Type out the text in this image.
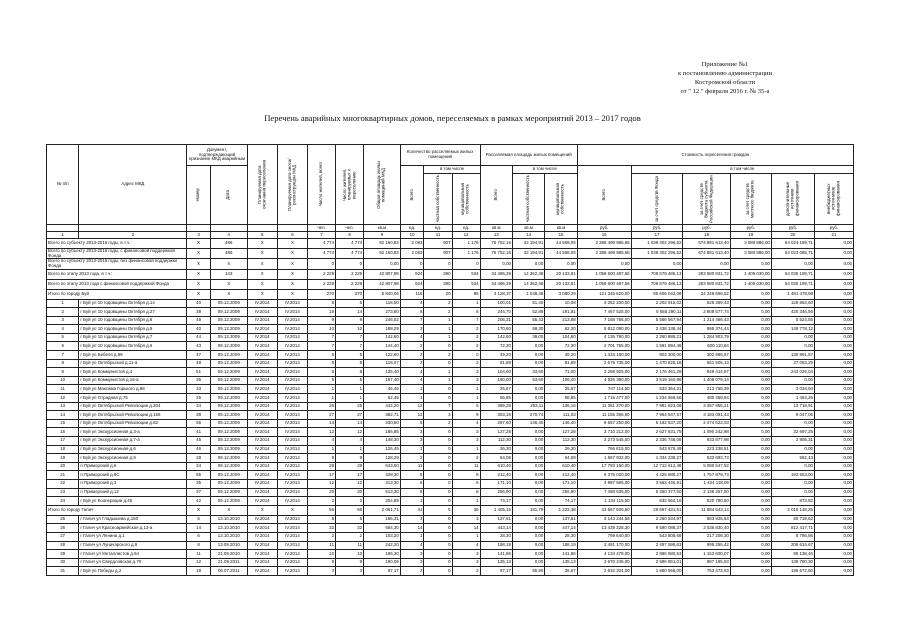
Приложение №1
к постановлению администрации
Костромской области
от " 12 " февраля 2016 г. № 35-а
Перечень аварийных многоквартирных домов, переселяемых в рамках мероприятий 2013 – 2017 годов
№ п/п	Адрес МКД	Документ, подтверждающий признание МКД аварийным		Планируемая дата окончания переселения	Планируемая дата сноса/ реконструкции МКД	Число жителей, всего	Число жителей, планируемых к переселению	Общая площадь жилых помещений МКД	Количество расселяемых жилых помещений			Расселяемая площадь жилых помещений			Стоимость переселения граждан					

		Номер	Дата						Всего	в том числе		Всего	в том числе		Всего	в том числе				

										частная собственность	муниципальная собственность		частная собственность	муниципальная собственность		за счет средств Фонда	за счет средств бюджета субъекта Российской Федерации	за счет средств местного бюджета	дополнительные источники финансирования	внебюджетных источников финансирования

						чел.	чел.	кв.м	ед.	ед.	ед.	кв.м	кв.м	кв.м	руб.	руб.	руб.	руб.	руб.	руб.
1	2	3	4	5	6	7	8	9	10	11	12	13	14	15	16	17	18	19	20	21
Всего по субъекту 2013-2016 годы, в т.ч.:		X	486	X	X	4 774	4 774	92 160,83	2 083	907	1 176	76 752,16	32 194,91	44 558,05	2 388 499 985,68	1 038 302 296,52	674 881 613,40	3 080 886,00	64 024 189,71	0,00
Всего по субъекту 2013-2016 годы, с финансовой поддержкой Фонда		X	486	X	X	4 774	4 774	92 160,83	2 083	907	1 176	76 752,16	32 194,91	44 558,05	2 388 499 985,68	1 038 302 296,52	674 881 613,40	3 080 886,00	64 023 085,71	0,00
Всего по субъекту 2013-2016 годы, без финансовой поддержки Фонда		X	X	X	X	0	0	0,00	0	0	0	0,00	0,00	0,00	0,00	0,00	0,00	0,00	0,00	0,00
Всего по этапу 2013 года, в т.ч.:		X	143	X	X	2 229	2 229	42 807,98	924	390	534	34 496,29	14 362,48	20 133,81	1 058 600 487,56	709 579 486,13	283 580 831,72	1 405 030,00	64 035 189,71	0,00
Всего по этапу 2013 года с финансовой поддержкой Фонда		X	X	X	X	2 229	2 229	42 807,98	924	390	534	34 496,29	14 362,48	20 133,81	1 058 600 487,56	709 579 486,13	283 580 831,72	1 405 030,00	64 035 189,71	0,00
Итого по городу Буй		X	X	X	X	270	270	5 840,06	116	20	96	4 128,37	1 048,48	3 080,29	121 345 620,00	85 606 042,09	24 248 696,52	0,00	1 481 478,98	0,00
1	г Буй ул 10 годовщины Октября д.14	40	09.12.2009	IV.2014	IV.2014	6	6	118,50	4	2	1	100,01	51,40	10,08	3 352 200,00	2 202 915,02	525 359,43	0,00	128 863,60	0,00
2	г Буй ул 10 годовщины Октября д.27	39	09.12.2009	IV.2014	IV.2014	19	14	273,80	8	2	6	244,70	52,89	191,81	7 467 525,00	5 555 290,11	2 808 577,74	0,00	420 346,56	0,00
3	г Буй ул 10 годовщины Октября д.8	49	09.12.2009	IV.2014	IV.2014	9	9	246,02	7	1	7	206,31	55,43	213,88	7 168 766,00	5 566 567,94	1 214 466,43	0,00	5 524,55	0,00
4	г Буй ул 10 годовщины Октября д.9	40	09.12.2009	IV.2014	IV.2014	10	10	188,29	3	1	2	170,60	58,30	62,30	5 812 090,00	2 438 138,44	995 374,44	0,00	149 778,12	0,00
5	г Буй ул 10 годовщины Октября д.7	44	09.12.2009	IV.2014	IV.2014	7	7	142,60	4	1	2	142,60	38,00	104,60	4 136 790,00	2 360 886,21	1 284 903,79	0,00	0,00	0,00
6	г Буй ул 10 годовщины Октября д.6	43	09.12.2009	IV.2014	IV.2014	7	7	144,40	2	0	2	72,30	0,00	72,30	2 701 755,00	1 591 894,48	600 110,84	0,00	0,00	0,00
7	г Буй ул Бебеля д.99	47	09.12.2009	IV.2014	IV.2014	5	5	122,60	2	2	0	49,20	0,00	49,20	1 434 180,00	903 300,00	302 986,67	0,00	130 891,57	0,00
8	г Буй ул Октябрьской д.11-а	48	09.12.2009	IV.2014	IV.2014	8	8	116,07	2	0	2	81,89	0,00	81,89	2 575 735,00	1 470 825,18	661 505,13	0,00	27 053,29	0,00
9	г Буй ул Коммунистов д.4	51	09.12.2009	IV.2014	IV.2014	8	8	135,40	4	1	3	104,60	33,60	71,00	3 268 925,00	2 176 461,29	849 414,87	0,00	243 026,04	0,00
10	г Буй ул Коммунистов д.16-а	36	09.12.2009	IV.2014	IV.2014	5	5	167,40	4	1	3	160,00	53,60	106,40	4 926 380,00	3 519 160,86	1 406 079,14	0,00	0,00	0,00
11	г Буй ул Максима Горького д.88	33	09.12.2009	IV.2014	IV.2014	1	1	46,49	1	0	1	25,67	0,00	25,67	747 114,50	533 354,21	213 765,39	0,00	3 034,94	0,00
12	г Буй ул Отрадная д.75	26	09.12.2009	IV.2014	IV.2014	1	1	62,45	1	0	1	56,85	0,00	56,85	1 715 477,00	1 234 659,56	480 459,84	0,00	1 454,26	0,00
13	г Буй ул Октябрьской Революции д.204	34	09.12.2009	IV.2014	IV.2014	25	25	442,20	12	7	5	389,28	253,11	136,16	11 351 370,00	7 991 623,08	3 357 855,21	0,00	13 718,91	0,00
14	г Буй ул Октябрьской Революции д.159	38	09.12.2009	IV.2014	IV.2014	27	27	382,71	12	3	9	303,16	270,74	111,03	11 155 396,00	7 964 547,57	3 183 091,43	0,00	8 047,05	0,00
15	г Буй ул Октябрьской Революции д.82	56	09.12.2009	IV.2014	IV.2014	14	14	330,50	6	2	4	297,60	146,40	146,40	8 657 250,00	6 182 537,20	2 474 622,03	0,00	0,00	0,00
16	г Буй ул Экскурсионная д.3-а	41	09.12.2009	IV.2014	IV.2014	12	12	186,86	3	0	3	127,28	0,00	127,28	3 710 212,00	2 627 631,75	1 090 242,98	0,00	32 697,25	0,00
17	г Буй ул Экскурсионная д.7-а	45	09.12.2009	IV.2014	IV.2014	4	4	148,30	3	0	3	112,30	0,00	112,30	3 273 545,00	2 336 748,06	933 877,98	0,00	2 905,31	0,00
18	г Буй ул Экскурсионная д.6	46	09.12.2009	IV.2014	IV.2014	1	1	126,45	1	0	1	26,30	0,00	26,30	766 815,00	543 576,49	223 238,51	0,00	0,00	0,00
19	г Буй ул Экскурсионная д.9	28	09.12.2009	IV.2014	IV.2014	9	9	128,29	2	0	2	64,08	0,00	64,08	1 867 932,00	1 334 238,27	533 693,73	0,00	582,43	0,00
20	п Приморский д.6	34	09.12.2009	IV.2014	IV.2014	29	29	643,50	11	0	11	610,40	0,00	610,40	17 793 160,00	12 712 612,48	5 080 547,52	0,00	0,00	0,00
21	п Приморский д.8С	56	09.12.2009	IV.2014	IV.2014	17	17	428,30	8	0	8	212,40	0,00	212,40	6 376 020,00	4 425 588,27	1 757 878,73	0,00	192 553,00	0,00
22	п Приморский д.3	35	09.12.2009	IV.2014	IV.2014	12	12	313,30	6	0	6	171,10	0,00	171,10	4 987 565,00	3 563 446,91	1 424 118,09	0,00	0,00	0,00
23	п Приморский д.12	37	09.12.2009	IV.2014	IV.2014	20	20	513,30	8	0	8	256,90	0,00	256,90	7 488 635,00	5 350 377,50	2 138 257,50	0,00	0,00	0,00
24	г Буй ул Кооперации д.45	42	09.12.2009	IV.2014	IV.2014	2	2	204,89	1	0	1	74,17	0,00	74,17	1 134 115,50	832 664,16	520 780,50	0,00	873,82	0,00
Итого по городу Галич		X	X	X	X	56	56	2 061,71	41	5	36	1 405,16	181,79	1 223,38	43 567 506,50	29 687 431,51	11 884 543,14	0,00	2 015 148,25	0,00
25	г Галич ул Гладышева д.150	5	13.10.2010	IV.2014	IV.2014	5	5	186,31	3	0	3	137,61	0,00	137,61	3 143 244,56	2 260 534,97	883 925,54	0,00	80 719,62	0,00
26	г Галич ул Красноармейская д.13-а	14	13.10.2010	IV.2014	IV.2014	32	32	664,30	14	0	14	443,14	0,00	447,14	13 439 328,30	9 590 088,37	3 036 830,40	0,00	812 417,71	0,00
27	г Галич ул Ленина д.1	6	13.10.2010	IV.2014	IV.2014	2	2	103,20	1	0	1	28,30	0,00	28,30	769 640,00	543 808,68	217 208,30	0,00	8 786,86	0,00
28	г Галич ул Луначарского д.9	8	13.09.2010	IV.2014	IV.2014	11	11	242,20	4	0	4	188,19	0,00	188,19	3 481 170,00	2 497 599,63	995 295,42	0,00	206 634,67	0,00
29	г Галич ул Металлистов д.64	11	21.09.2010	IV.2014	IV.2014	10	10	186,30	3	0	3	141,86	0,00	141,86	4 134 478,00	2 886 680,53	1 153 600,07	0,00	95 138,46	0,00
30	г Галич ул Свердловская д.70	12	21.09.2011	IV.2014	IV.2014	9	9	190,09	3	0	3	135,13	0,00	135,13	3 670 245,00	2 596 851,01	987 185,53	0,00	138 780,30	0,00
31	г Буй ул Победы д.2	18	06.07.2011	IV.2014	IV.2014	3	3	97,17	2	0	2	97,17	56,90	36,67	2 532 204,00	1 880 556,00	753 473,63	0,00	186 672,60	0,00
